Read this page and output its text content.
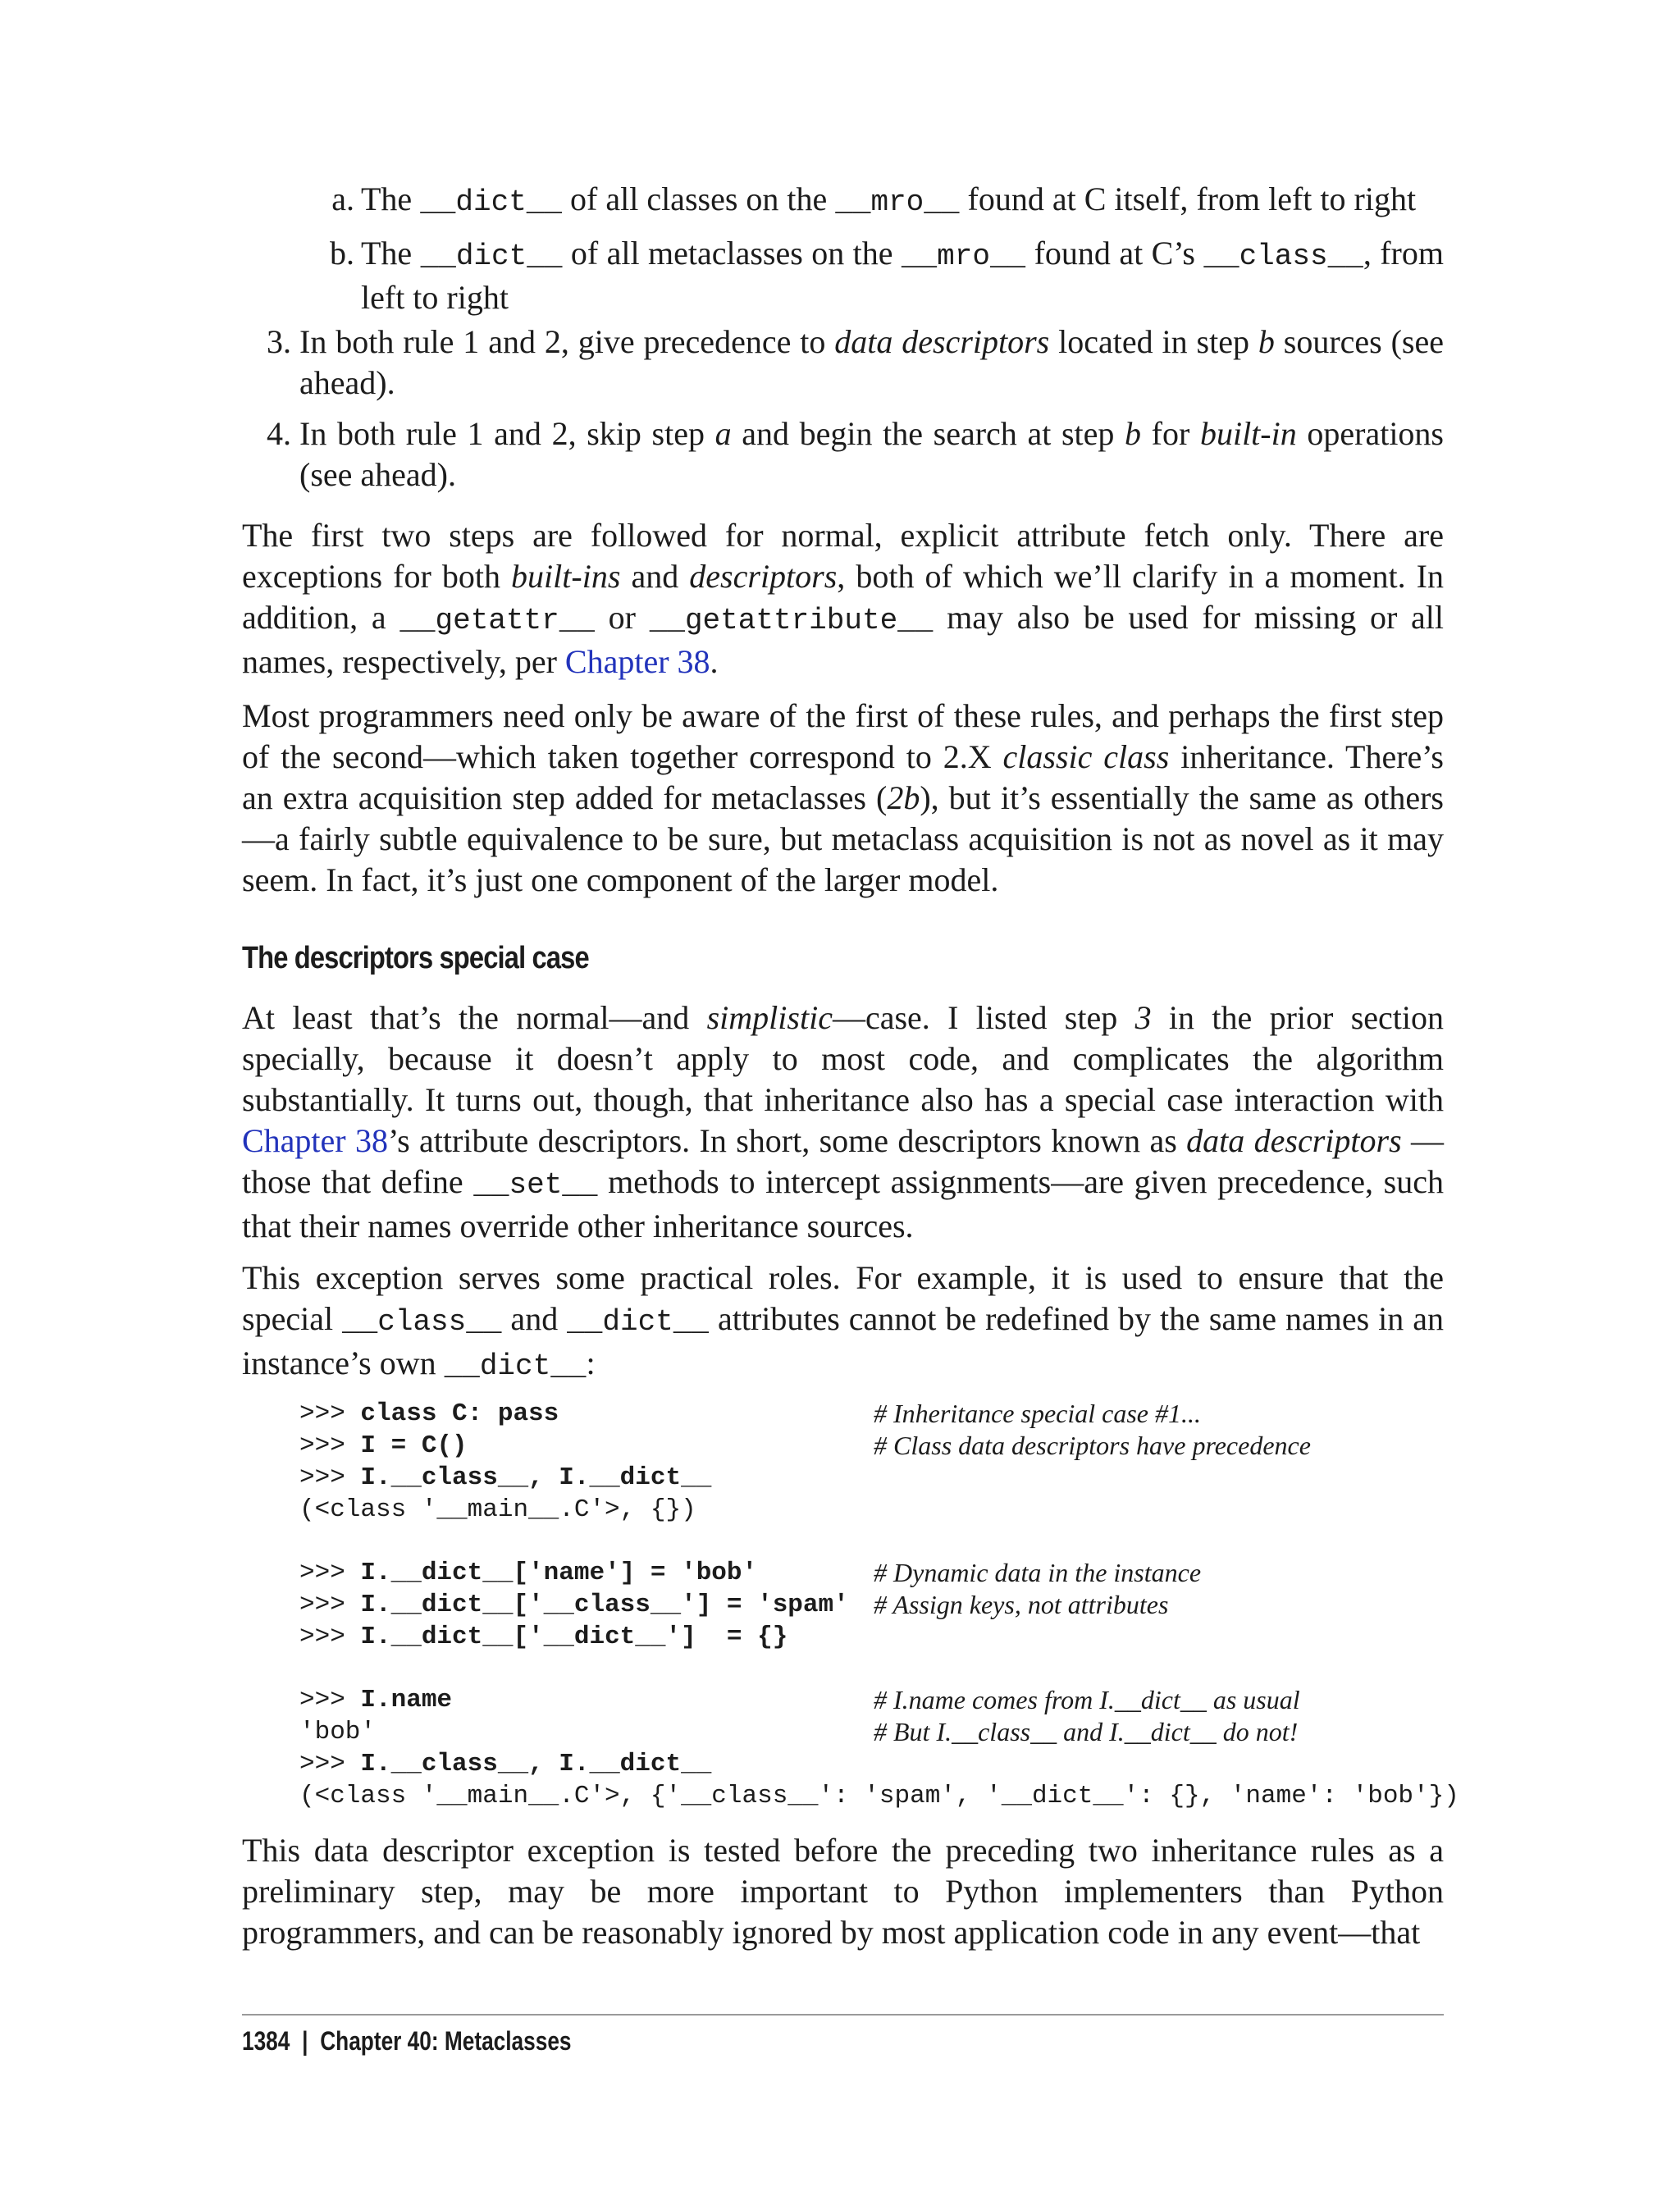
a. The __dict__ of all classes on the __mro__ found at C itself, from left to right
b. The __dict__ of all metaclasses on the __mro__ found at C’s __class__, from left to right
3. In both rule 1 and 2, give precedence to data descriptors located in step b sources (see ahead).
4. In both rule 1 and 2, skip step a and begin the search at step b for built-in operations (see ahead).

The first two steps are followed for normal, explicit attribute fetch only. There are exceptions for both built-ins and descriptors, both of which we’ll clarify in a moment. In addition, a __getattr__ or __getattribute__ may also be used for missing or all names, respectively, per Chapter 38.

Most programmers need only be aware of the first of these rules, and perhaps the first step of the second—which taken together correspond to 2.X classic class inheritance. There’s an extra acquisition step added for metaclasses (2b), but it’s essentially the same as others—a fairly subtle equivalence to be sure, but metaclass acquisition is not as novel as it may seem. In fact, it’s just one component of the larger model.

The descriptors special case

At least that’s the normal—and simplistic—case. I listed step 3 in the prior section specially, because it doesn’t apply to most code, and complicates the algorithm substantially. It turns out, though, that inheritance also has a special case interaction with Chapter 38’s attribute descriptors. In short, some descriptors known as data descriptors —those that define __set__ methods to intercept assignments—are given precedence, such that their names override other inheritance sources.

This exception serves some practical roles. For example, it is used to ensure that the special __class__ and __dict__ attributes cannot be redefined by the same names in an instance’s own __dict__:

>>> class C: pass	# Inheritance special case #1...
>>> I = C()	# Class data descriptors have precedence
>>> I.__class__, I.__dict__
(<class '__main__.C'>, {})
>>> I.__dict__['name'] = 'bob'	# Dynamic data in the instance
>>> I.__dict__['__class__'] = 'spam' # Assign keys, not attributes
>>> I.__dict__['__dict__']  = {}
>>> I.name	# I.name comes from I.__dict__ as usual
'bob'	# But I.__class__ and I.__dict__ do not!
>>> I.__class__, I.__dict__
(<class '__main__.C'>, {'__class__': 'spam', '__dict__': {}, 'name': 'bob'})

This data descriptor exception is tested before the preceding two inheritance rules as a preliminary step, may be more important to Python implementers than Python programmers, and can be reasonably ignored by most application code in any event—that

1384 | Chapter 40: Metaclasses
